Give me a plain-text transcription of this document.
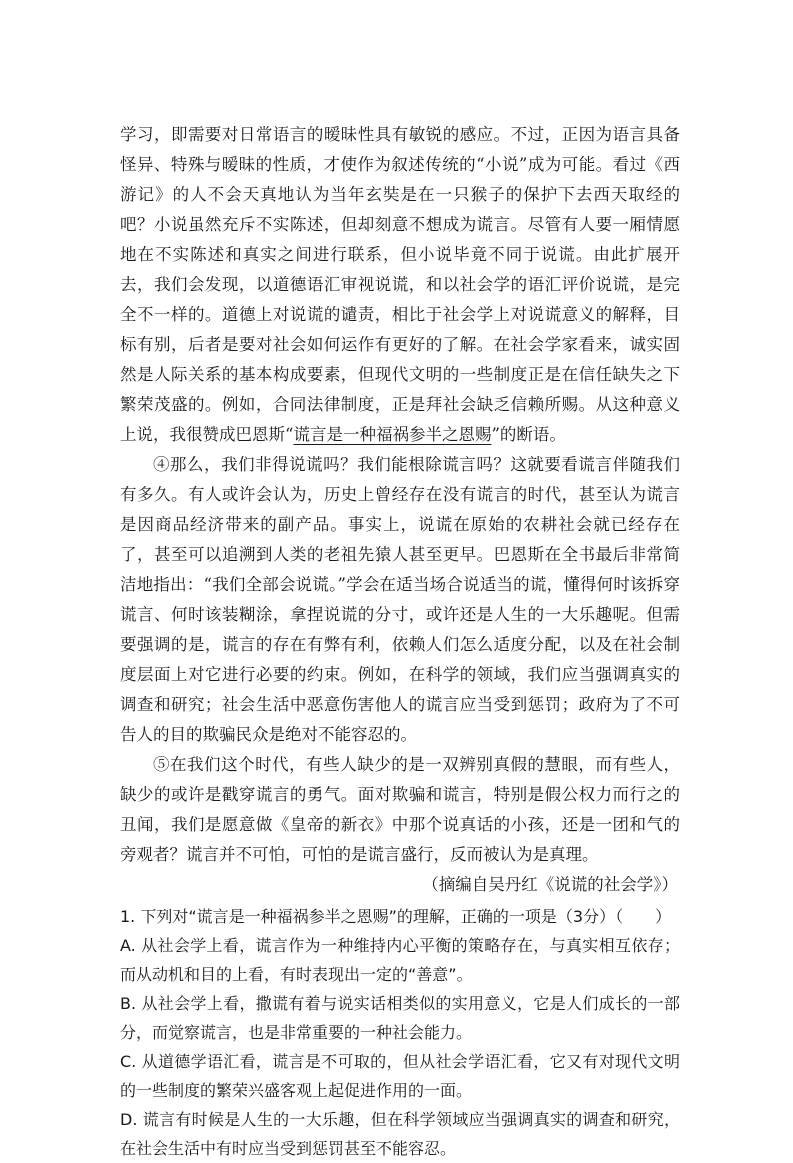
学习，即需要对日常语言的暧昧性具有敏锐的感应。不过，正因为语言具备怪异、特殊与暧昧的性质，才使作为叙述传统的“小说”成为可能。看过《西游记》的人不会天真地认为当年玄奘是在一只猴子的保护下去西天取经的吧？小说虽然充斥不实陈述，但却刻意不想成为谎言。尽管有人要一厢情愿地在不实陈述和真实之间进行联系，但小说毕竟不同于说谎。由此扩展开去，我们会发现，以道德语汇审视说谎，和以社会学的语汇评价说谎，是完全不一样的。道德上对说谎的谴责，相比于社会学上对说谎意义的解释，目标有别，后者是要对社会如何运作有更好的了解。在社会学家看来，诚实固然是人际关系的基本构成要素，但现代文明的一些制度正是在信任缺失之下繁荣茂盛的。例如，合同法律制度，正是拜社会缺乏信赖所赐。从这种意义上说，我很赞成巴恩斯“谎言是一种福祸参半之恩赐”的断语。

④那么，我们非得说谎吗？我们能根除谎言吗？这就要看谎言伴随我们有多久。有人或许会认为，历史上曾经存在没有谎言的时代，甚至认为谎言是因商品经济带来的副产品。事实上，说谎在原始的农耕社会就已经存在了，甚至可以追溯到人类的老祖先猿人甚至更早。巴恩斯在全书最后非常简洁地指出：“我们全部会说谎。”学会在适当场合说适当的谎，懂得何时该拆穿谎言、何时该装糊涂，拿捏说谎的分寸，或许还是人生的一大乐趣呢。但需要强调的是，谎言的存在有弊有利，依赖人们怎么适度分配，以及在社会制度层面上对它进行必要的约束。例如，在科学的领域，我们应当强调真实的调查和研究；社会生活中恶意伤害他人的谎言应当受到惩罚；政府为了不可告人的目的欺骗民众是绝对不能容忍的。

⑤在我们这个时代，有些人缺少的是一双辨别真假的慧眼，而有些人，缺少的或许是戳穿谎言的勇气。面对欺骗和谎言，特别是假公权力而行之的丑闻，我们是愿意做《皇帝的新衣》中那个说真话的小孩，还是一团和气的旁观者？谎言并不可怕，可怕的是谎言盛行，反而被认为是真理。

（摘编自吴丹红《说谎的社会学》）

1. 下列对“谎言是一种福祸参半之恩赐”的理解，正确的一项是（3分）（　　）

A. 从社会学上看，谎言作为一种维持内心平衡的策略存在，与真实相互依存；而从动机和目的上看，有时表现出一定的“善意”。

B. 从社会学上看，撒谎有着与说实话相类似的实用意义，它是人们成长的一部分，而觉察谎言，也是非常重要的一种社会能力。

C. 从道德学语汇看，谎言是不可取的，但从社会学语汇看，它又有对现代文明的一些制度的繁荣兴盛客观上起促进作用的一面。

D. 谎言有时候是人生的一大乐趣，但在科学领域应当强调真实的调查和研究，在社会生活中有时应当受到惩罚甚至不能容忍。
